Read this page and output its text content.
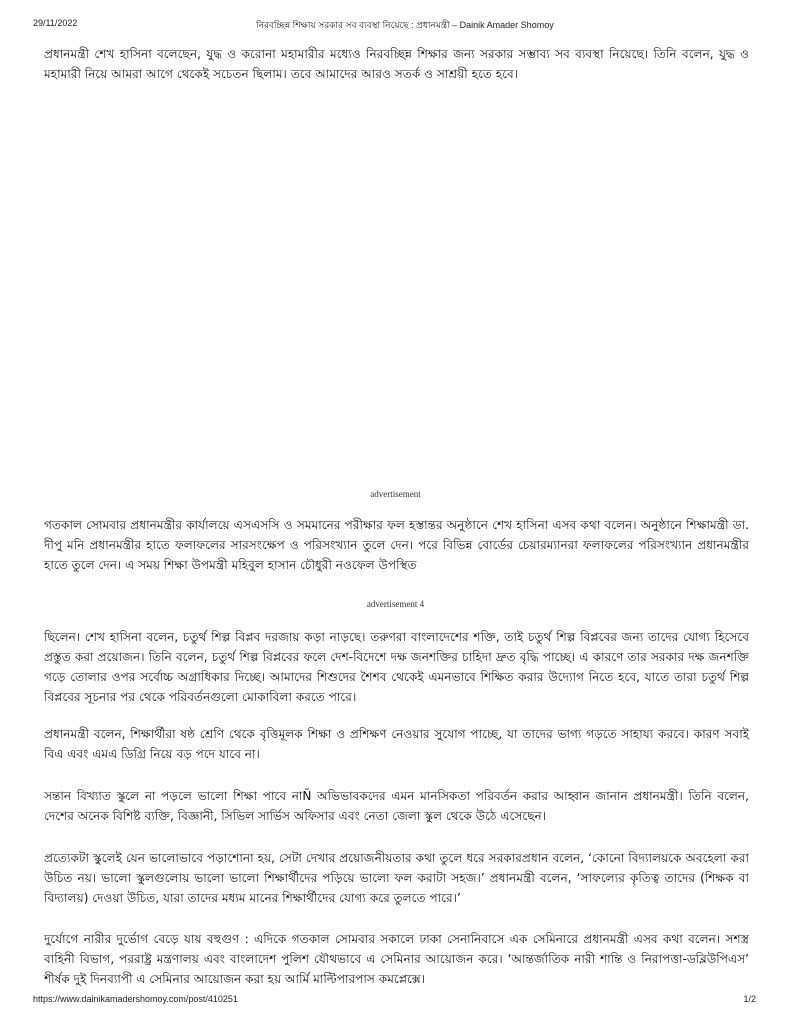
29/11/2022	নিরবচ্ছিন্ন শিক্ষায় সরকার সব ব্যবস্থা নিয়েছে : প্রধানমন্ত্রী – Dainik Amader Shomoy

প্রধানমন্ত্রী শেখ হাসিনা বলেছেন, যুদ্ধ ও করোনা মহামারীর মধ্যেও নিরবচ্ছিন্ন শিক্ষার জন্য সরকার সম্ভাব্য সব ব্যবস্থা নিয়েছে। তিনি বলেন, যুদ্ধ ও মহামারী নিয়ে আমরা আগে থেকেই সচেতন ছিলাম। তবে আমাদের আরও সতর্ক ও সাশ্রয়ী হতে হবে।

advertisement

গতকাল সোমবার প্রধানমন্ত্রীর কার্যালয়ে এসএসসি ও সমমানের পরীক্ষার ফল হস্তান্তর অনুষ্ঠানে শেখ হাসিনা এসব কথা বলেন। অনুষ্ঠানে শিক্ষামন্ত্রী ডা. দীপু মনি প্রধানমন্ত্রীর হাতে ফলাফলের সারসংক্ষেপ ও পরিসংখ্যান তুলে দেন। পরে বিভিন্ন বোর্ডের চেয়ারম্যানরা ফলাফলের পরিসংখ্যান প্রধানমন্ত্রীর হাতে তুলে দেন। এ সময় শিক্ষা উপমন্ত্রী মহিবুল হাসান চৌধুরী নওফেল উপস্থিত

advertisement 4

ছিলেন। শেখ হাসিনা বলেন, চতুর্থ শিল্প বিপ্লব দরজায় কড়া নাড়ছে। তরুণরা বাংলাদেশের শক্তি, তাই চতুর্থ শিল্প বিপ্লবের জন্য তাদের যোগ্য হিসেবে প্রস্তুত করা প্রয়োজন। তিনি বলেন, চতুর্থ শিল্প বিপ্লবের ফলে দেশ-বিদেশে দক্ষ জনশক্তির চাহিদা দ্রুত বৃদ্ধি পাচ্ছে। এ কারণে তার সরকার দক্ষ জনশক্তি গড়ে তোলার ওপর সর্বোচ্চ অগ্রাধিকার দিচ্ছে। আমাদের শিশুদের শৈশব থেকেই এমনভাবে শিক্ষিত করার উদ্যোগ নিতে হবে, যাতে তারা চতুর্থ শিল্প বিপ্লবের সূচনার পর থেকে পরিবর্তনগুলো মোকাবিলা করতে পারে।

প্রধানমন্ত্রী বলেন, শিক্ষার্থীরা ষষ্ঠ শ্রেণি থেকে বৃত্তিমূলক শিক্ষা ও প্রশিক্ষণ নেওয়ার সুযোগ পাচ্ছে, যা তাদের ভাগ্য গড়তে সাহায্য করবে। কারণ সবাই বিএ এবং এমএ ডিগ্রি নিয়ে বড় পদে যাবে না।

সন্তান বিখ্যাত স্কুলে না পড়লে ভালো শিক্ষা পাবে নাÑ অভিভাবকদের এমন মানসিকতা পরিবর্তন করার আহ্বান জানান প্রধানমন্ত্রী। তিনি বলেন, দেশের অনেক বিশিষ্ট ব্যক্তি, বিজ্ঞানী, সিভিল সার্ভিস অফিসার এবং নেতা জেলা স্কুল থেকে উঠে এসেছেন।

প্রত্যেকটা স্কুলেই যেন ভালোভাবে পড়াশোনা হয়, সেটা দেখার প্রয়োজনীয়তার কথা তুলে ধরে সরকারপ্রধান বলেন, ‘কোনো বিদ্যালয়কে অবহেলা করা উচিত নয়। ভালো স্কুলগুলোয় ভালো ভালো শিক্ষার্থীদের পড়িয়ে ভালো ফল করাটা সহজ।’ প্রধানমন্ত্রী বলেন, ‘সাফল্যের কৃতিত্ব তাদের (শিক্ষক বা বিদ্যালয়) দেওয়া উচিত, যারা তাদের মধ্যম মানের শিক্ষার্থীদের যোগ্য করে তুলতে পারে।’

দুর্যোগে নারীর দুর্ভোগ বেড়ে যায় বহুগুণ : এদিকে গতকাল সোমবার সকালে ঢাকা সেনানিবাসে এক সেমিনারে প্রধানমন্ত্রী এসব কথা বলেন। সশস্ত্র বাহিনী বিভাগ, পররাষ্ট্র মন্ত্রণালয় এবং বাংলাদেশ পুলিশ যৌথভাবে এ সেমিনার আয়োজন করে। ‘আন্তর্জাতিক নারী শান্তি ও নিরাপত্তা-ডব্লিউপিএস’ শীর্ষক দুই দিনব্যাপী এ সেমিনার আয়োজন করা হয় আর্মি মাল্টিপারপাস কমপ্লেক্সে।

https://www.dainikamadershomoy.com/post/410251	1/2
